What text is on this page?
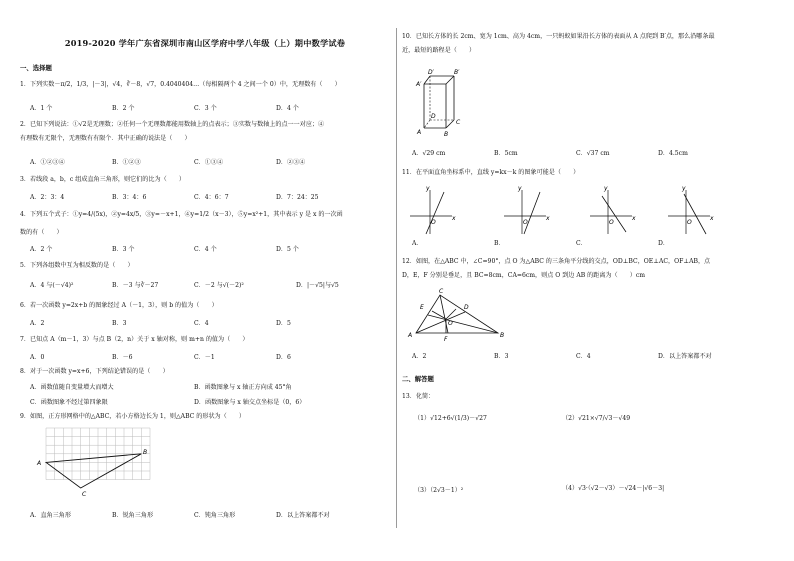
2019-2020 学年广东省深圳市南山区学府中学八年级（上）期中数学试卷
一、选择题
1．下列实数－π/2，1/3，|－3|，√4，∛－8，√7，0.4040404…（每相隔两个 4 之间一个 0）中，无理数有（　　）
A．1 个	B．2 个	C．3 个	D．4 个
2．已知下列说法：①√2是无理数；②任何一个无理数都能用数轴上的点表示；③实数与数轴上的点一一对应；④
有理数有无限个，无理数有有限个．其中正确的说法是（　　）
A．①②③④	B．①②③	C．①③④	D．②③④
3．若线段 a，b，c 组成直角三角形，则它们的比为（　　）
A．2：3：4	B．3：4：6	C．4：6：7	D．7：24：25
4．下列五个式子：①y=4/(5x)，②y=4x/5，③y=－x+1，④y=1/2（x－3），⑤y=x²+1，其中表示 y 是 x 的一次函
数的有（　　）
A．2 个	B．3 个	C．4 个	D．5 个
5．下列各组数中互为相反数的是（　　）
A．4 与(－√4)²	B．－3 与∛－27	C．－2 与√(－2)²	D．|－√5|与√5
6．若一次函数 y=2x+b 的图象经过 A（－1，3），则 b 的值为（　　）
A．2	B．3	C．4	D．5
7．已知点 A（m－1，3）与点 B（2，n）关于 x 轴对称，则 m+n 的值为（　　）
A．0	B．－6	C．－1	D．6
8．对于一次函数 y=x+6，下列结论错误的是（　　）
A．函数值随自变量增大而增大	B．函数图象与 x 轴正方向成 45°角
C．函数图象不经过第四象限	D．函数图象与 x 轴交点坐标是（0，6）
9．如图，正方形网格中的△ABC，若小方格边长为 1，则△ABC 的形状为（　　）
A
B
C
A．直角三角形	B．锐角三角形	C．钝角三角形	D．以上答案都不对
10．已知长方体的长 2cm、宽为 1cm、高为 4cm，一只蚂蚁如果沿长方体的表面从 A 点爬到 B′点，那么沿哪条最
近，最短的路程是（　　）
D′	B′
A′
D
A	B
C
A．√29 cm	B．5cm	C．√37 cm	D．4.5cm
11．在平面直角坐标系中，直线 y=kx－k 的图象可能是（　　）
x
y
O
x
y
O
x
y
O
x
y
O
A．	B．	C．	D．
12．如图，在△ABC 中，∠C=90°，点 O 为△ABC 的三条角平分线的交点，OD⊥BC，OE⊥AC，OF⊥AB，点
D，E，F 分别是垂足，且 BC=8cm，CA=6cm，则点 O 到边 AB 的距离为（　　）cm
C
E	D
O
A
F
B
A．2	B．3	C．4	D．以上答案都不对
二、解答题
13．化简：
（1）√12+6√(1/3)－√27	（2）√21×√7/√3－√49
（3）（2√3－1）²	（4）√3·（√2－√3）－√24－|√6－3|
